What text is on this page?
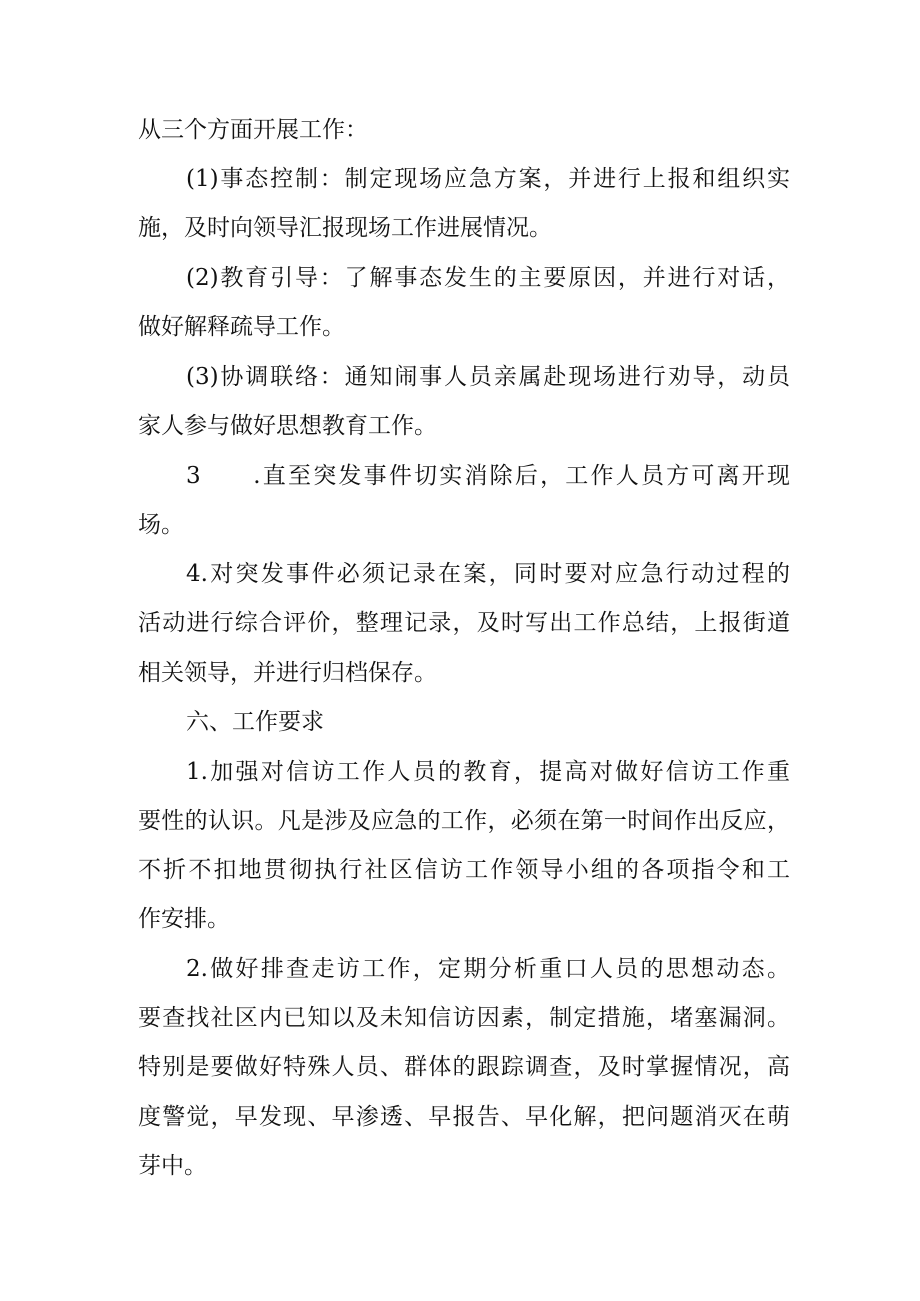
从三个方面开展工作：
(1)事态控制：制定现场应急方案，并进行上报和组织实
施，及时向领导汇报现场工作进展情况。
(2)教育引导：了解事态发生的主要原因，并进行对话，
做好解释疏导工作。
(3)协调联络：通知闹事人员亲属赴现场进行劝导，动员
家人参与做好思想教育工作。
3　　.直至突发事件切实消除后，工作人员方可离开现
场。
4.对突发事件必须记录在案，同时要对应急行动过程的
活动进行综合评价，整理记录，及时写出工作总结，上报街道
相关领导，并进行归档保存。
六、工作要求
1.加强对信访工作人员的教育，提高对做好信访工作重
要性的认识。凡是涉及应急的工作，必须在第一时间作出反应，
不折不扣地贯彻执行社区信访工作领导小组的各项指令和工
作安排。
2.做好排查走访工作，定期分析重口人员的思想动态。
要查找社区内已知以及未知信访因素，制定措施，堵塞漏洞。
特别是要做好特殊人员、群体的跟踪调查，及时掌握情况，高
度警觉，早发现、早渗透、早报告、早化解，把问题消灭在萌
芽中。
